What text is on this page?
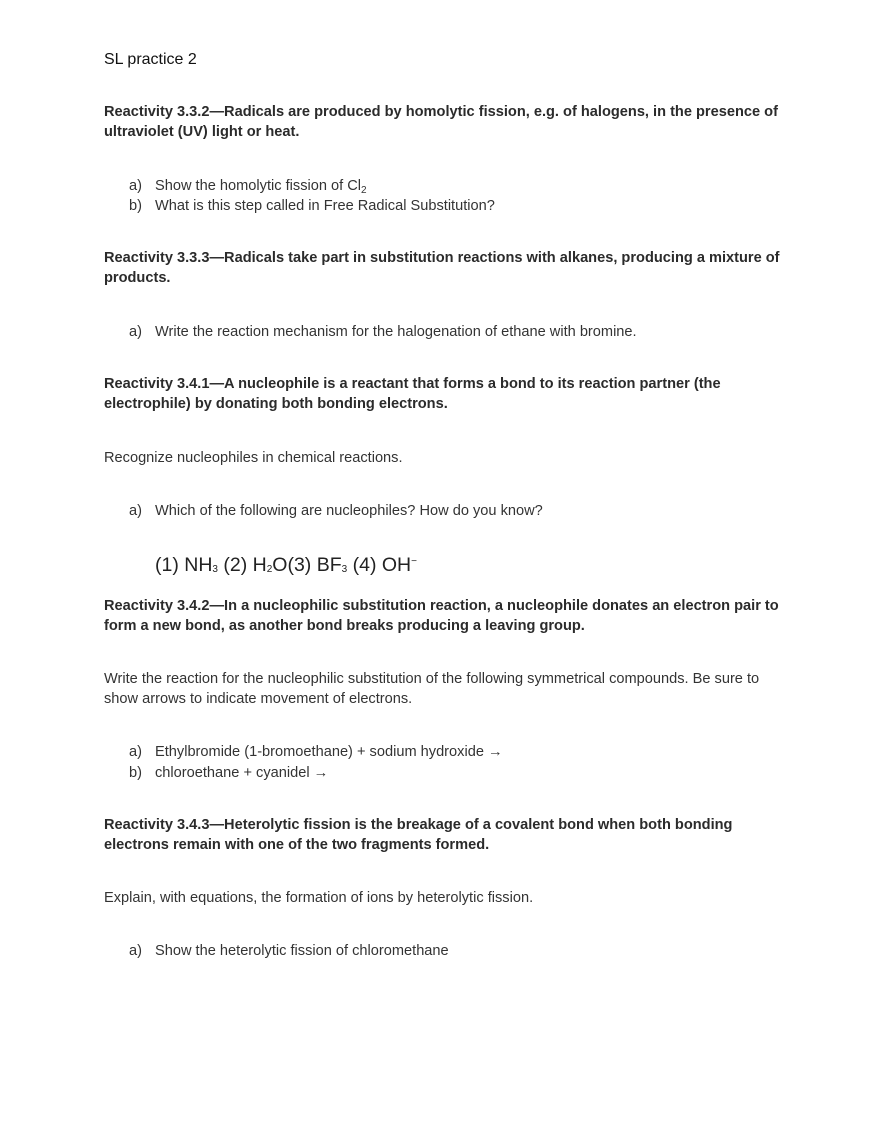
SL practice 2
Reactivity 3.3.2—Radicals are produced by homolytic fission, e.g. of halogens, in the presence of ultraviolet (UV) light or heat.
a) Show the homolytic fission of $Cl_2$
b) What is this step called in Free Radical Substitution?
Reactivity 3.3.3—Radicals take part in substitution reactions with alkanes, producing a mixture of products.
a) Write the reaction mechanism for the halogenation of ethane with bromine.
Reactivity 3.4.1—A nucleophile is a reactant that forms a bond to its reaction partner (the electrophile) by donating both bonding electrons.
Recognize nucleophiles in chemical reactions.
a) Which of the following are nucleophiles? How do you know?
(1) $NH_3$ (2) $H_2O(3)$ $BF_3$ (4) OH−
Reactivity 3.4.2—In a nucleophilic substitution reaction, a nucleophile donates an electron pair to form a new bond, as another bond breaks producing a leaving group.
Write the reaction for the nucleophilic substitution of the following symmetrical compounds. Be sure to show arrows to indicate movement of electrons.
a) Ethylbromide (1-bromoethane) + sodium hydroxide →
b) chloroethane + cyanidel →
Reactivity 3.4.3—Heterolytic fission is the breakage of a covalent bond when both bonding electrons remain with one of the two fragments formed.
Explain, with equations, the formation of ions by heterolytic fission.
a) Show the heterolytic fission of chloromethane
